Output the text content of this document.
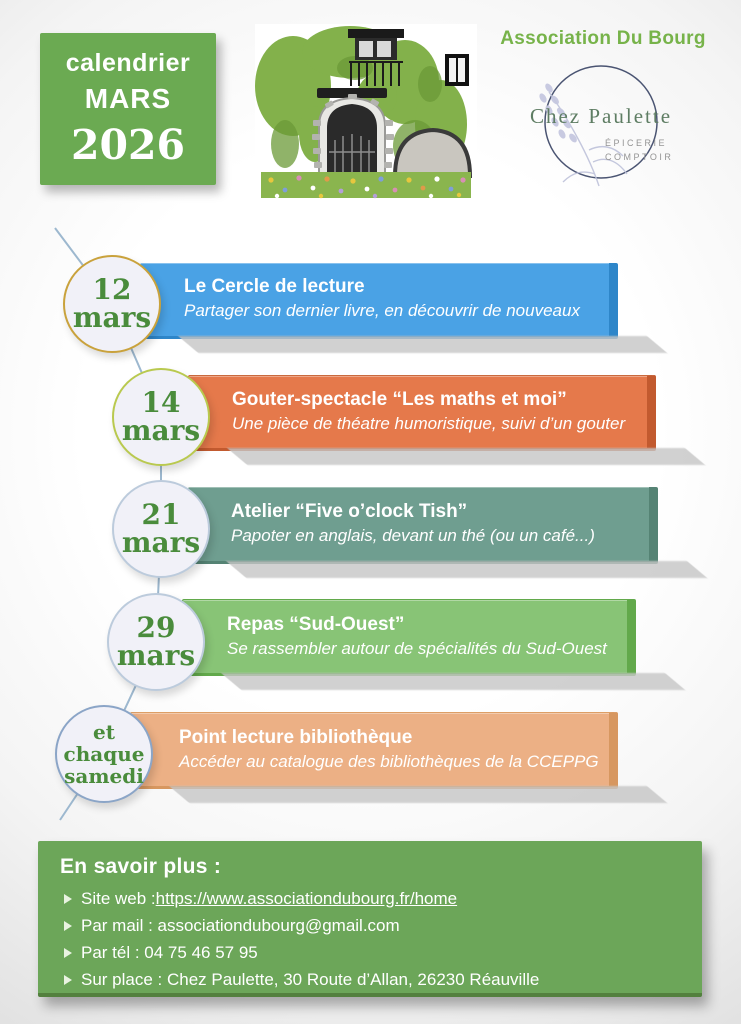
calendrier
MARS
2026
Association Du Bourg
Chez Paulette
ÉPICERIE
COMPTOIR
Le Cercle de lecture
Partager son dernier livre, en découvrir de nouveaux
12
mars
Gouter-spectacle “Les maths et moi”
Une pièce de théatre humoristique, suivi d’un gouter
14
mars
Atelier “Five o’clock Tish”
Papoter en anglais, devant un thé (ou un café...)
21
mars
Repas “Sud-Ouest”
Se rassembler autour de spécialités du Sud-Ouest
29
mars
Point lecture bibliothèque
Accéder au catalogue des bibliothèques de la CCEPPG
et
chaque
samedi
En savoir plus :
Site web : https://www.associationdubourg.fr/home
Par mail : associationdubourg@gmail.com
Par tél : 04 75 46 57 95
Sur place : Chez Paulette, 30 Route d’Allan, 26230 Réauville
